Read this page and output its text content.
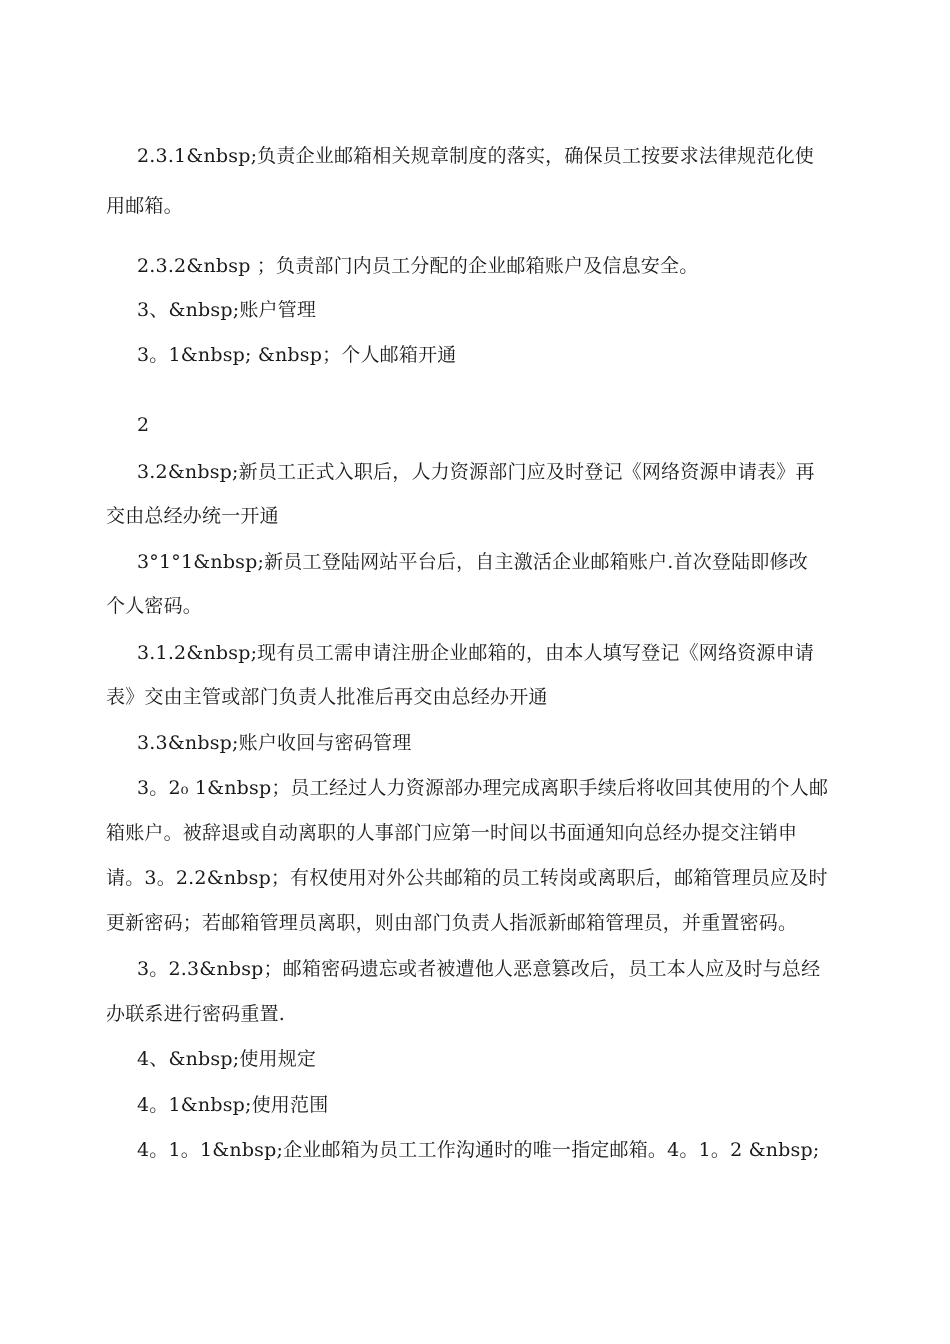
2.3.1&nbsp;负责企业邮箱相关规章制度的落实，确保员工按要求法律规范化使
用邮箱。
2.3.2&nbsp ；负责部门内员工分配的企业邮箱账户及信息安全。
3、&nbsp;账户管理
3。1&nbsp; &nbsp；个人邮箱开通
2
3.2&nbsp;新员工正式入职后，人力资源部门应及时登记《网络资源申请表》再
交由总经办统一开通
3°1°1&nbsp;新员工登陆网站平台后，自主激活企业邮箱账户.首次登陆即修改
个人密码。
3.1.2&nbsp;现有员工需申请注册企业邮箱的，由本人填写登记《网络资源申请
表》交由主管或部门负责人批准后再交由总经办开通
3.3&nbsp;账户收回与密码管理
3。2₀ 1&nbsp；员工经过人力资源部办理完成离职手续后将收回其使用的个人邮
箱账户。被辞退或自动离职的人事部门应第一时间以书面通知向总经办提交注销申
请。3。2.2&nbsp；有权使用对外公共邮箱的员工转岗或离职后，邮箱管理员应及时
更新密码；若邮箱管理员离职，则由部门负责人指派新邮箱管理员，并重置密码。
3。2.3&nbsp；邮箱密码遗忘或者被遭他人恶意篡改后，员工本人应及时与总经
办联系进行密码重置.
4、&nbsp;使用规定
4。1&nbsp;使用范围
4。1。1&nbsp;企业邮箱为员工工作沟通时的唯一指定邮箱。4。1。2 &nbsp;
